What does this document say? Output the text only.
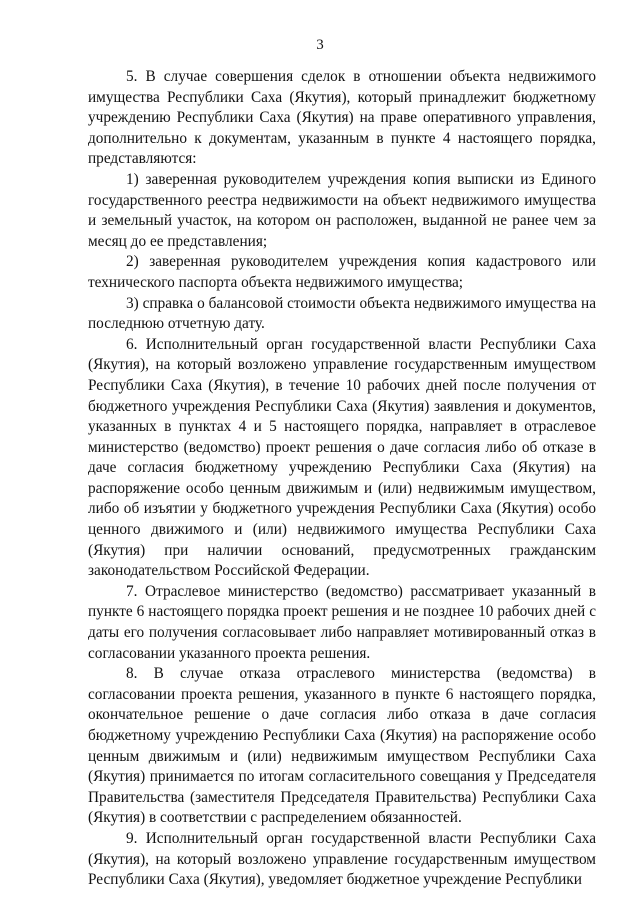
3

5. В случае совершения сделок в отношении объекта недвижимого имущества Республики Саха (Якутия), который принадлежит бюджетному учреждению Республики Саха (Якутия) на праве оперативного управления, дополнительно к документам, указанным в пункте 4 настоящего порядка, представляются:

1) заверенная руководителем учреждения копия выписки из Единого государственного реестра недвижимости на объект недвижимого имущества и земельный участок, на котором он расположен, выданной не ранее чем за месяц до ее представления;

2) заверенная руководителем учреждения копия кадастрового или технического паспорта объекта недвижимого имущества;

3) справка о балансовой стоимости объекта недвижимого имущества на последнюю отчетную дату.

6. Исполнительный орган государственной власти Республики Саха (Якутия), на который возложено управление государственным имуществом Республики Саха (Якутия), в течение 10 рабочих дней после получения от бюджетного учреждения Республики Саха (Якутия) заявления и документов, указанных в пунктах 4 и 5 настоящего порядка, направляет в отраслевое министерство (ведомство) проект решения о даче согласия либо об отказе в даче согласия бюджетному учреждению Республики Саха (Якутия) на распоряжение особо ценным движимым и (или) недвижимым имуществом, либо об изъятии у бюджетного учреждения Республики Саха (Якутия) особо ценного движимого и (или) недвижимого имущества Республики Саха (Якутия) при наличии оснований, предусмотренных гражданским законодательством Российской Федерации.

7. Отраслевое министерство (ведомство) рассматривает указанный в пункте 6 настоящего порядка проект решения и не позднее 10 рабочих дней с даты его получения согласовывает либо направляет мотивированный отказ в согласовании указанного проекта решения.

8. В случае отказа отраслевого министерства (ведомства) в согласовании проекта решения, указанного в пункте 6 настоящего порядка, окончательное решение о даче согласия либо отказа в даче согласия бюджетному учреждению Республики Саха (Якутия) на распоряжение особо ценным движимым и (или) недвижимым имуществом Республики Саха (Якутия) принимается по итогам согласительного совещания у Председателя Правительства (заместителя Председателя Правительства) Республики Саха (Якутия) в соответствии с распределением обязанностей.

9. Исполнительный орган государственной власти Республики Саха (Якутия), на который возложено управление государственным имуществом Республики Саха (Якутия), уведомляет бюджетное учреждение Республики
